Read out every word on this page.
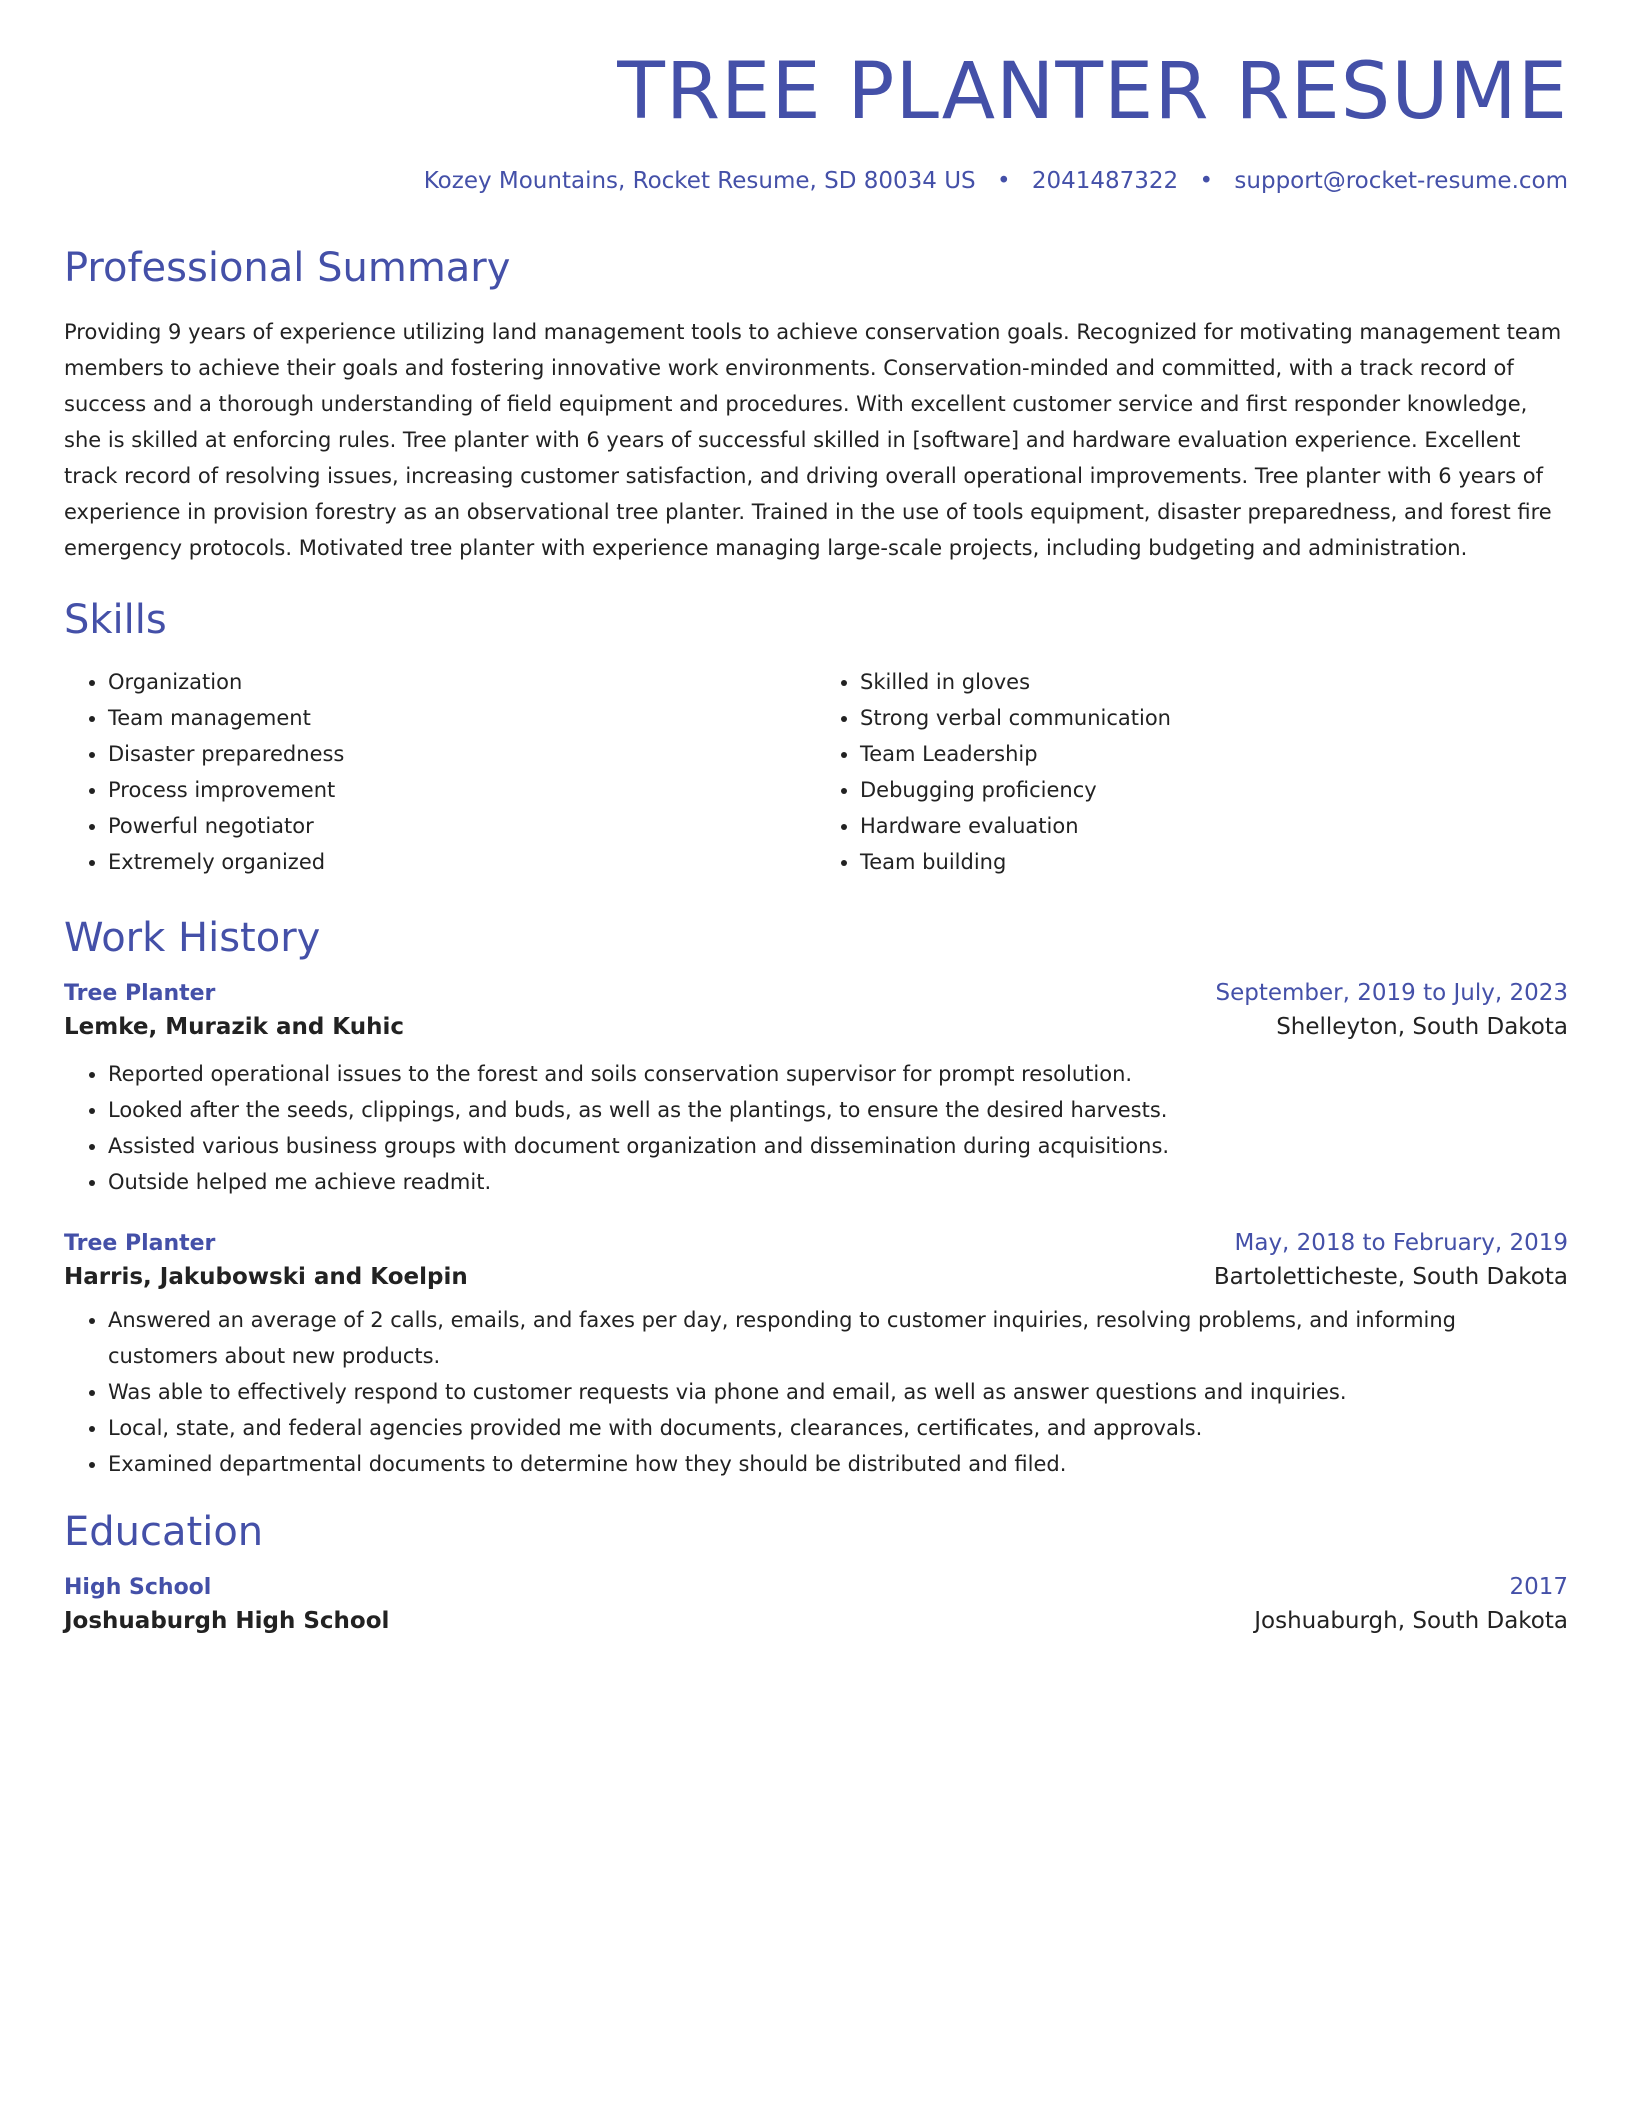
TREE PLANTER RESUME
Kozey Mountains, Rocket Resume, SD 80034 US • 2041487322 • support@rocket-resume.com
Professional Summary
Providing 9 years of experience utilizing land management tools to achieve conservation goals. Recognized for motivating management team members to achieve their goals and fostering innovative work environments. Conservation-minded and committed, with a track record of success and a thorough understanding of field equipment and procedures. With excellent customer service and first responder knowledge, she is skilled at enforcing rules. Tree planter with 6 years of successful skilled in [software] and hardware evaluation experience. Excellent track record of resolving issues, increasing customer satisfaction, and driving overall operational improvements. Tree planter with 6 years of experience in provision forestry as an observational tree planter. Trained in the use of tools equipment, disaster preparedness, and forest fire emergency protocols. Motivated tree planter with experience managing large-scale projects, including budgeting and administration.
Skills
• Organization
• Team management
• Disaster preparedness
• Process improvement
• Powerful negotiator
• Extremely organized
• Skilled in gloves
• Strong verbal communication
• Team Leadership
• Debugging proficiency
• Hardware evaluation
• Team building
Work History
Tree Planter	September, 2019 to July, 2023
Lemke, Murazik and Kuhic	Shelleyton, South Dakota
• Reported operational issues to the forest and soils conservation supervisor for prompt resolution.
• Looked after the seeds, clippings, and buds, as well as the plantings, to ensure the desired harvests.
• Assisted various business groups with document organization and dissemination during acquisitions.
• Outside helped me achieve readmit.
Tree Planter	May, 2018 to February, 2019
Harris, Jakubowski and Koelpin	Bartoletticheste, South Dakota
• Answered an average of 2 calls, emails, and faxes per day, responding to customer inquiries, resolving problems, and informing customers about new products.
• Was able to effectively respond to customer requests via phone and email, as well as answer questions and inquiries.
• Local, state, and federal agencies provided me with documents, clearances, certificates, and approvals.
• Examined departmental documents to determine how they should be distributed and filed.
Education
High School	2017
Joshuaburgh High School	Joshuaburgh, South Dakota
